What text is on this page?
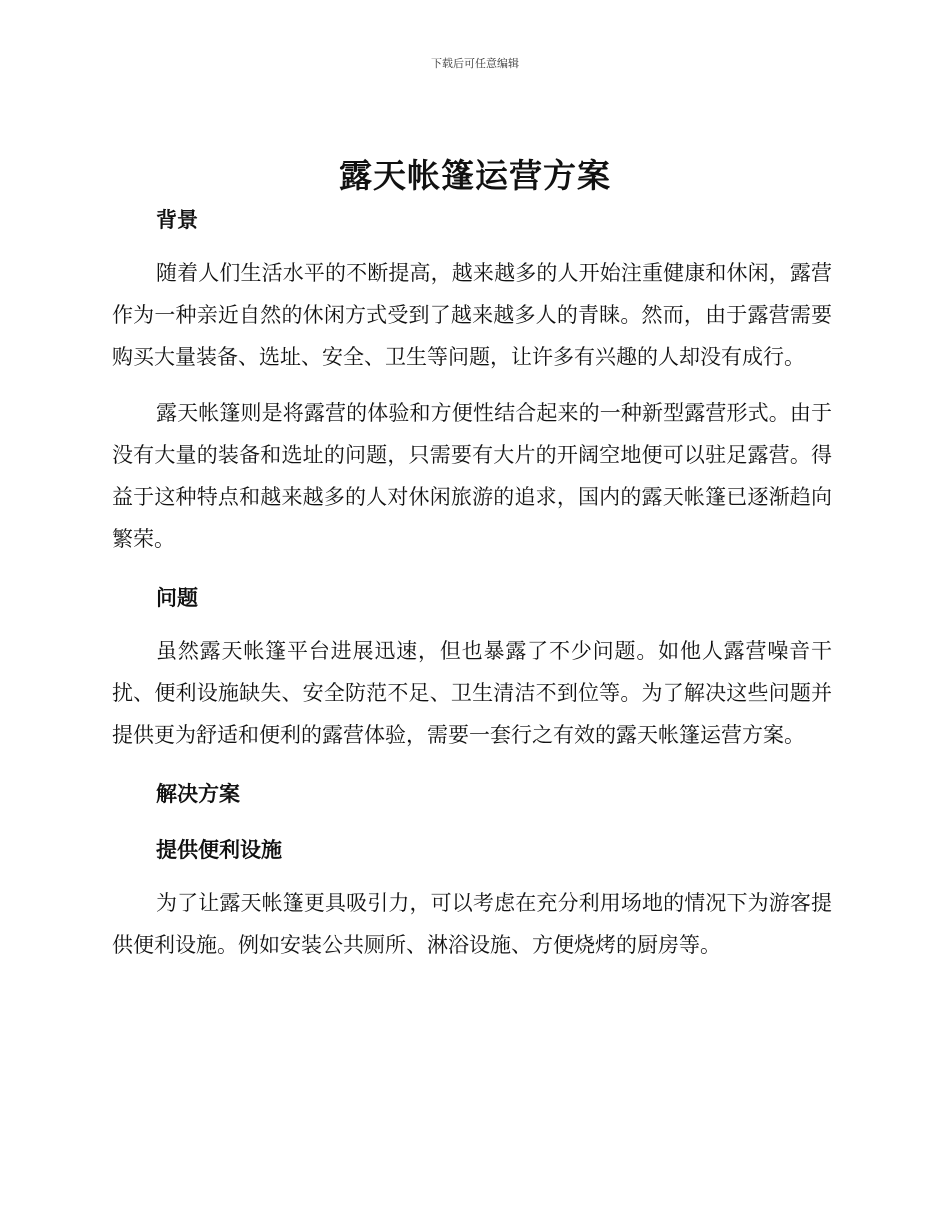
下载后可任意编辑
露天帐篷运营方案
背景

随着人们生活水平的不断提高，越来越多的人开始注重健康和休闲，露营作为一种亲近自然的休闲方式受到了越来越多人的青睐。然而，由于露营需要购买大量装备、选址、安全、卫生等问题，让许多有兴趣的人却没有成行。

露天帐篷则是将露营的体验和方便性结合起来的一种新型露营形式。由于没有大量的装备和选址的问题，只需要有大片的开阔空地便可以驻足露营。得益于这种特点和越来越多的人对休闲旅游的追求，国内的露天帐篷已逐渐趋向繁荣。

问题

虽然露天帐篷平台进展迅速，但也暴露了不少问题。如他人露营噪音干扰、便利设施缺失、安全防范不足、卫生清洁不到位等。为了解决这些问题并提供更为舒适和便利的露营体验，需要一套行之有效的露天帐篷运营方案。

解决方案
提供便利设施

为了让露天帐篷更具吸引力，可以考虑在充分利用场地的情况下为游客提供便利设施。例如安装公共厕所、淋浴设施、方便烧烤的厨房等。
